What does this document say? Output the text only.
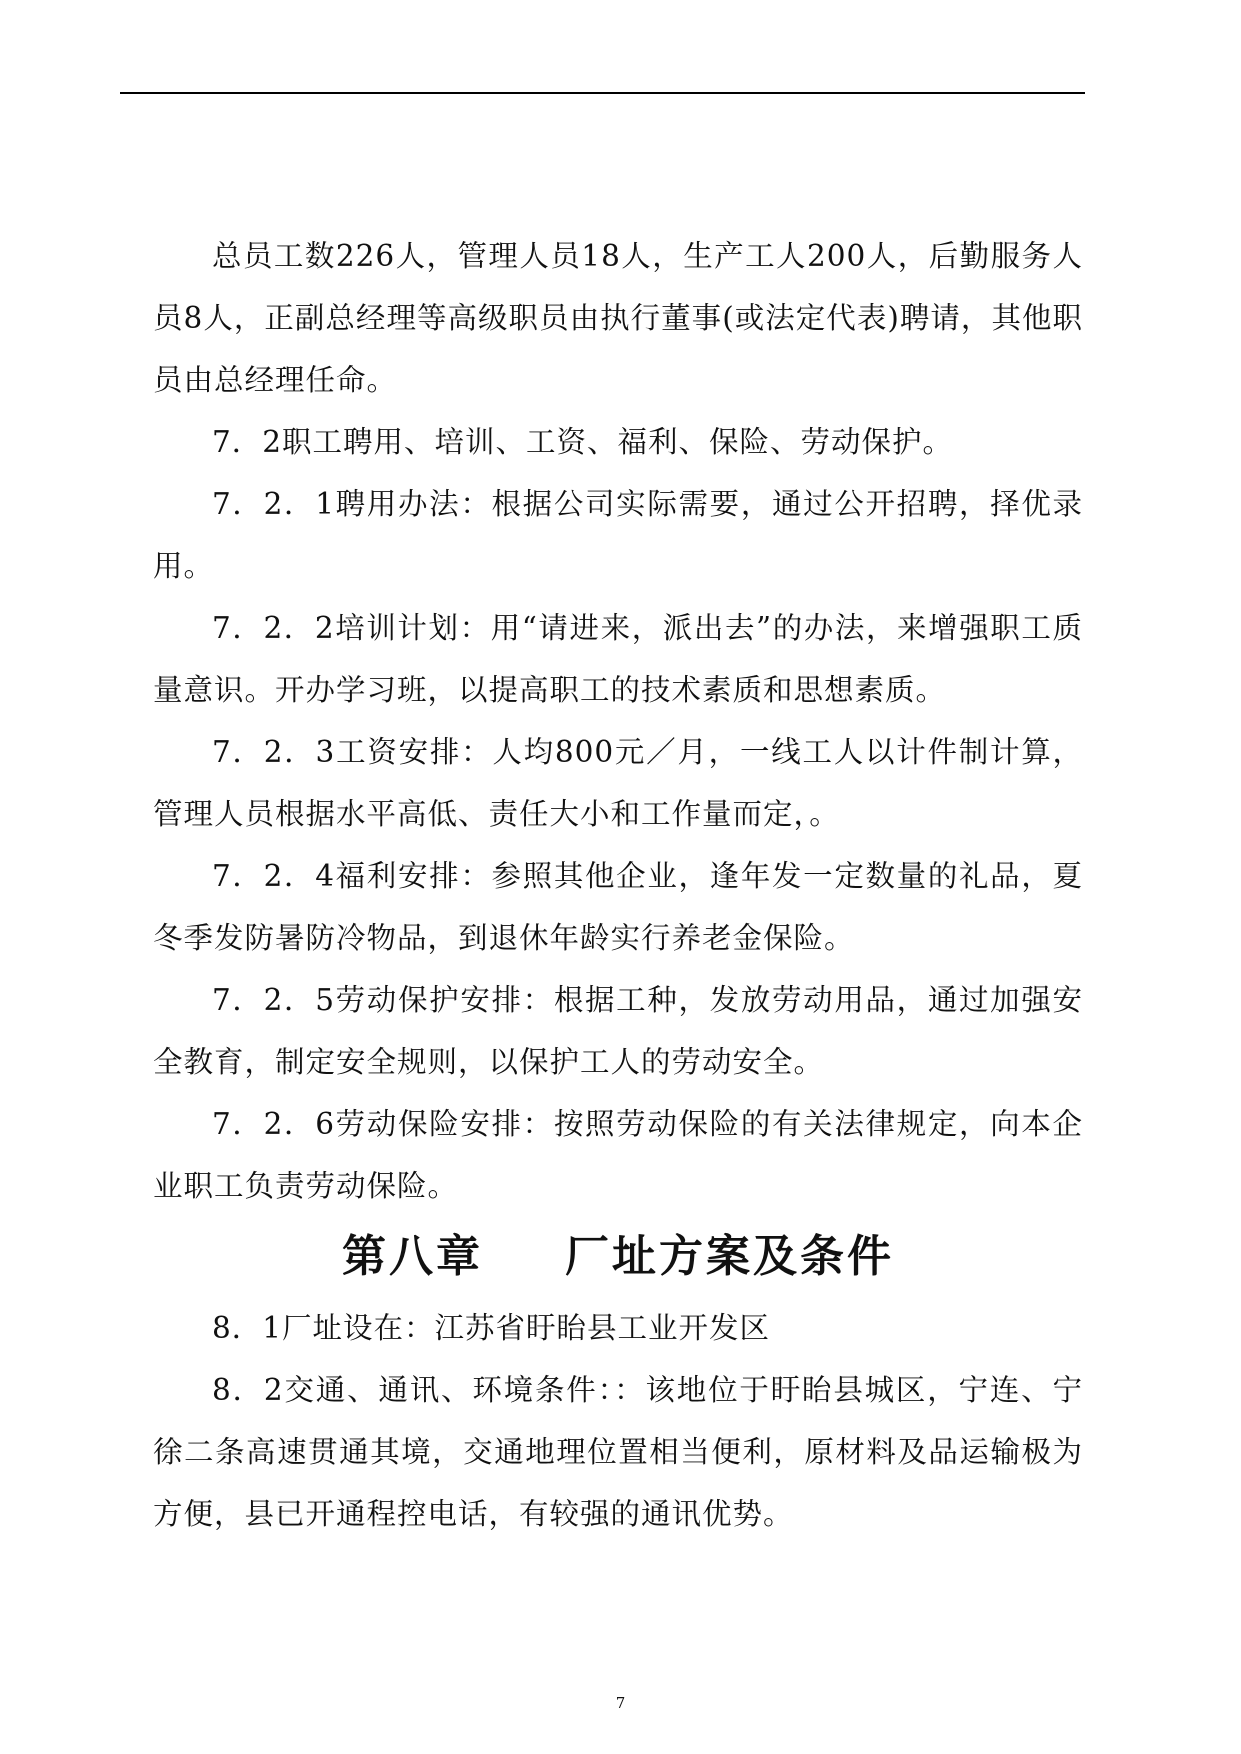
总员工数226人，管理人员18人，生产工人200人，后勤服务人员8人，正副总经理等高级职员由执行董事(或法定代表)聘请，其他职员由总经理任命。

7．2职工聘用、培训、工资、福利、保险、劳动保护。

7．2．1聘用办法：根据公司实际需要，通过公开招聘，择优录用。

7．2．2培训计划：用“请进来，派出去”的办法，来增强职工质量意识。开办学习班，以提高职工的技术素质和思想素质。

7．2．3工资安排：人均800元／月，一线工人以计件制计算，管理人员根据水平高低、责任大小和工作量而定，。

7．2．4福利安排：参照其他企业，逢年发一定数量的礼品，夏冬季发防暑防冷物品，到退休年龄实行养老金保险。

7．2．5劳动保护安排：根据工种，发放劳动用品，通过加强安全教育，制定安全规则，以保护工人的劳动安全。

7．2．6劳动保险安排：按照劳动保险的有关法律规定，向本企业职工负责劳动保险。

第八章 厂址方案及条件

8．1厂址设在：江苏省盱眙县工业开发区

8．2交通、通讯、环境条件：：该地位于盱眙县城区，宁连、宁徐二条高速贯通其境，交通地理位置相当便利，原材料及品运输极为方便，县已开通程控电话，有较强的通讯优势。

7
